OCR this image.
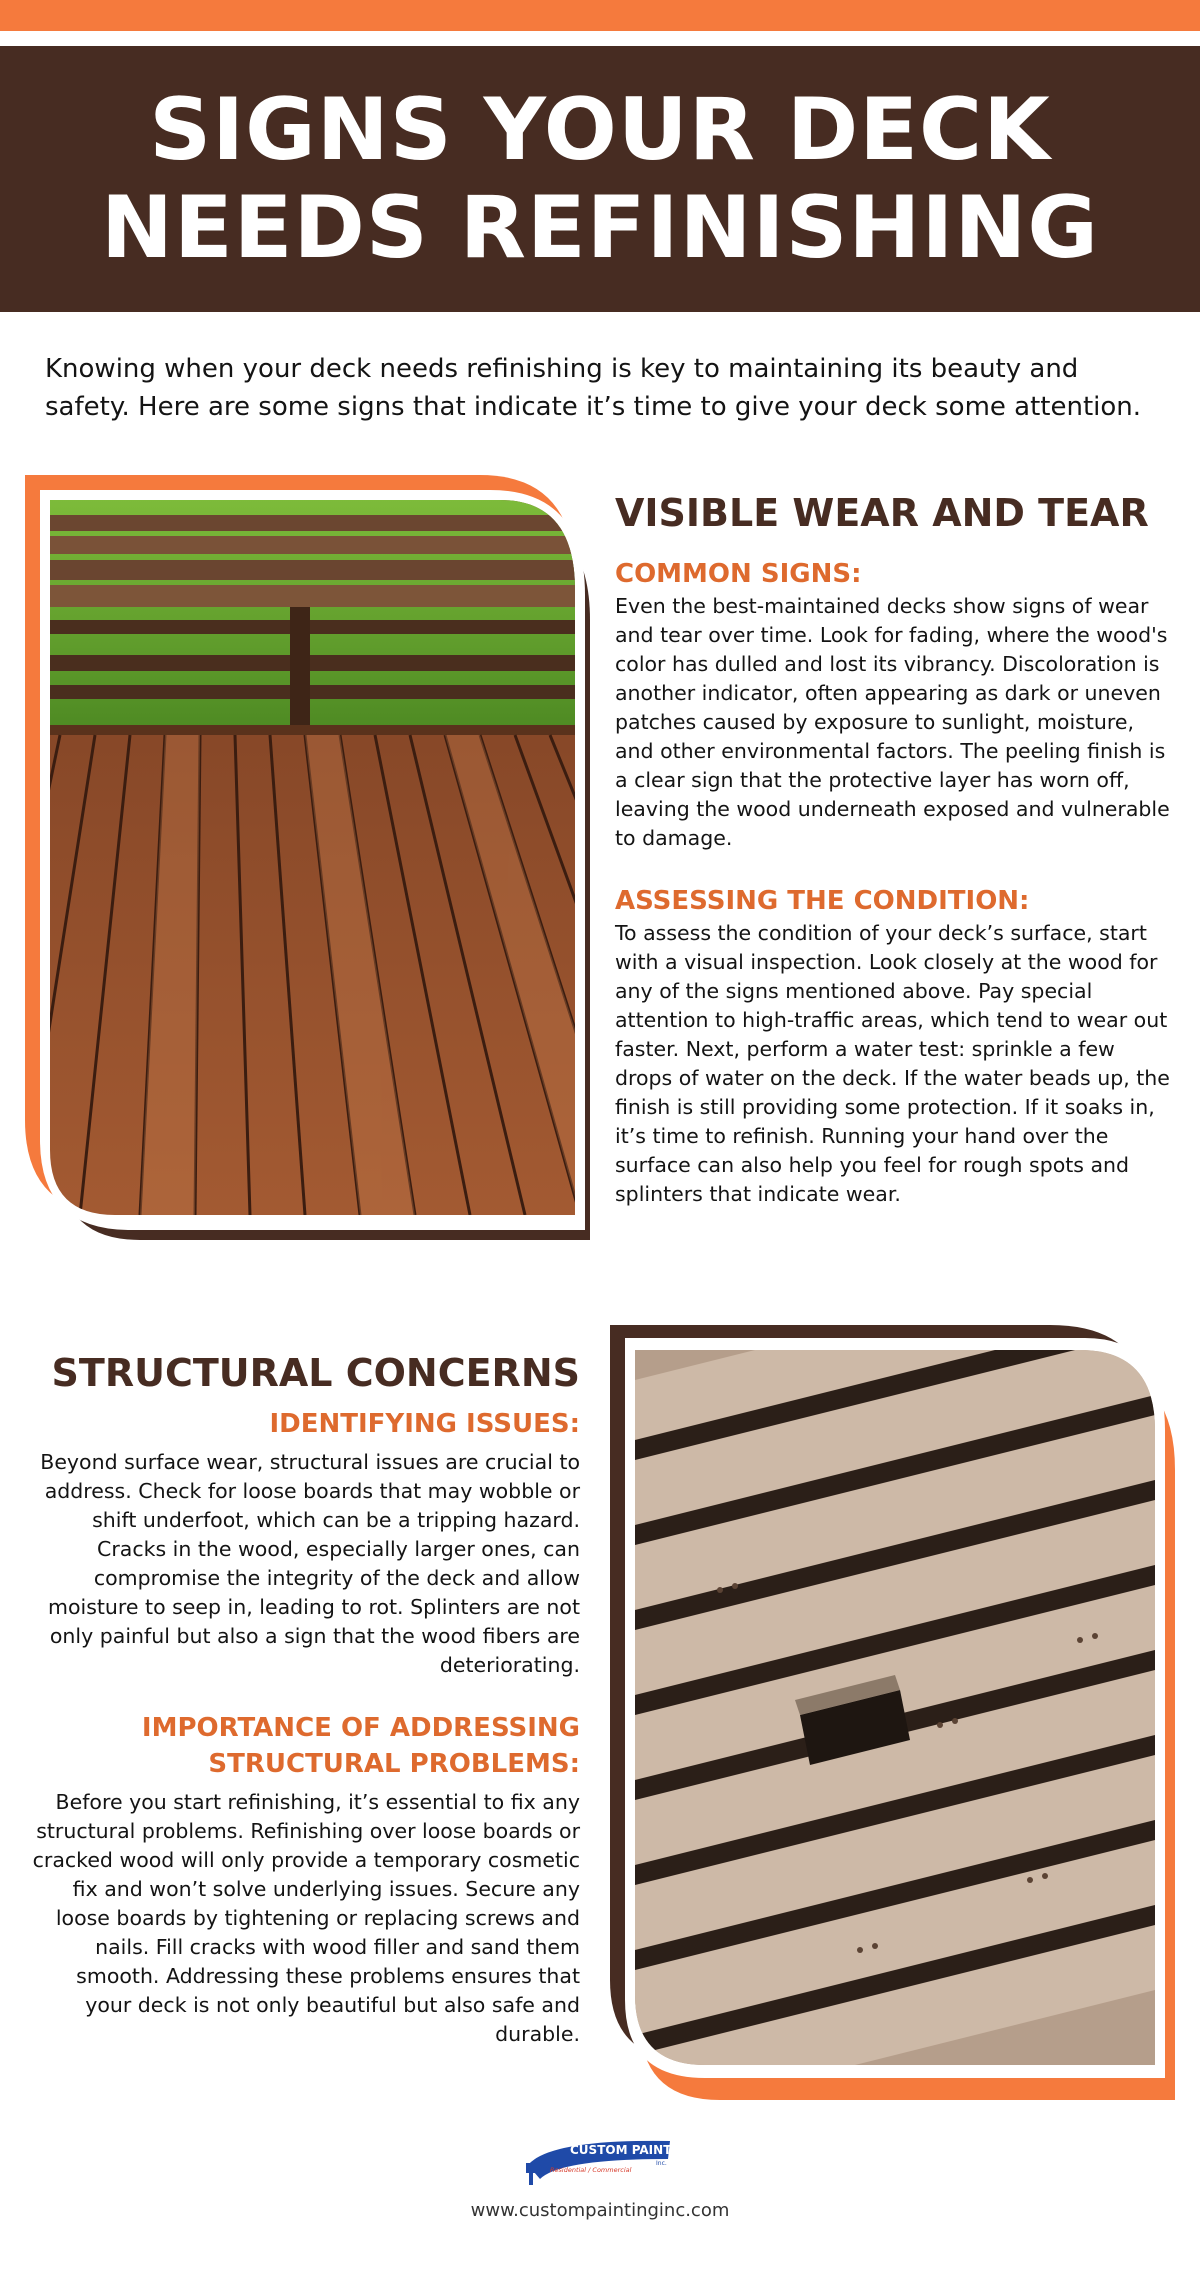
SIGNS YOUR DECK
NEEDS REFINISHING

Knowing when your deck needs refinishing is key to maintaining its beauty and safety. Here are some signs that indicate it’s time to give your deck some attention.

VISIBLE WEAR AND TEAR
COMMON SIGNS:

Even the best-maintained decks show signs of wear and tear over time. Look for fading, where the wood's color has dulled and lost its vibrancy. Discoloration is another indicator, often appearing as dark or uneven patches caused by exposure to sunlight, moisture, and other environmental factors. The peeling finish is a clear sign that the protective layer has worn off, leaving the wood underneath exposed and vulnerable to damage.

ASSESSING THE CONDITION:

To assess the condition of your deck’s surface, start with a visual inspection. Look closely at the wood for any of the signs mentioned above. Pay special attention to high-traffic areas, which tend to wear out faster. Next, perform a water test: sprinkle a few drops of water on the deck. If the water beads up, the finish is still providing some protection. If it soaks in, it’s time to refinish. Running your hand over the surface can also help you feel for rough spots and splinters that indicate wear.

STRUCTURAL CONCERNS
IDENTIFYING ISSUES:

Beyond surface wear, structural issues are crucial to address. Check for loose boards that may wobble or shift underfoot, which can be a tripping hazard. Cracks in the wood, especially larger ones, can compromise the integrity of the deck and allow moisture to seep in, leading to rot. Splinters are not only painful but also a sign that the wood fibers are deteriorating.

IMPORTANCE OF ADDRESSING
STRUCTURAL PROBLEMS:

Before you start refinishing, it’s essential to fix any structural problems. Refinishing over loose boards or cracked wood will only provide a temporary cosmetic fix and won’t solve underlying issues. Secure any loose boards by tightening or replacing screws and nails. Fill cracks with wood filler and sand them smooth. Addressing these problems ensures that your deck is not only beautiful but also safe and durable.

CUSTOM PAINTING
Inc.
Residential / Commercial
www.custompaintinginc.com
